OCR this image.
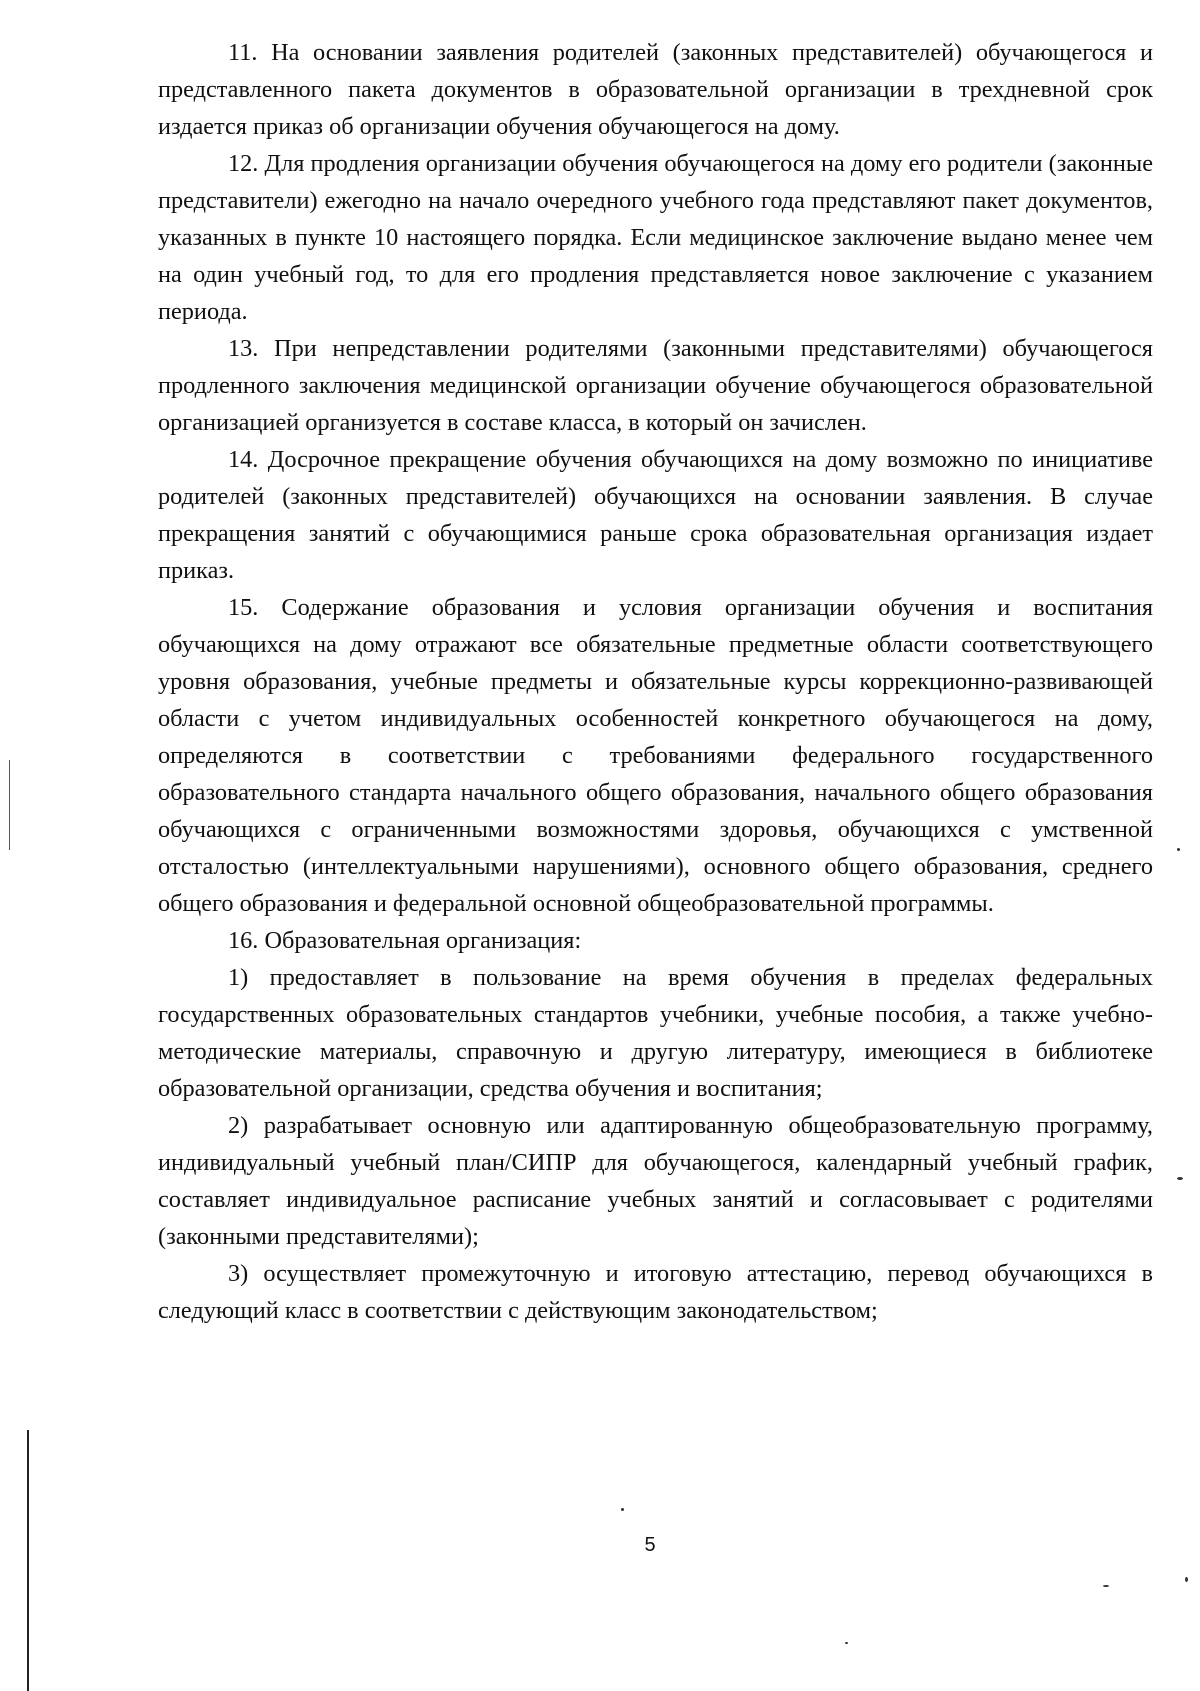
11. На основании заявления родителей (законных представителей) обучающегося и представленного пакета документов в образовательной организации в трехдневной срок издается приказ об организации обучения обучающегося на дому.

12. Для продления организации обучения обучающегося на дому его родители (законные представители) ежегодно на начало очередного учебного года представляют пакет документов, указанных в пункте 10 настоящего порядка. Если медицинское заключение выдано менее чем на один учебный год, то для его продления представляется новое заключение с указанием периода.

13. При непредставлении родителями (законными представителями) обучающегося продленного заключения медицинской организации обучение обучающегося образовательной организацией организуется в составе класса, в который он зачислен.

14. Досрочное прекращение обучения обучающихся на дому возможно по инициативе родителей (законных представителей) обучающихся на основании заявления. В случае прекращения занятий с обучающимися раньше срока образовательная организация издает приказ.

15. Содержание образования и условия организации обучения и воспитания обучающихся на дому отражают все обязательные предметные области соответствующего уровня образования, учебные предметы и обязательные курсы коррекционно-развивающей области с учетом индивидуальных особенностей конкретного обучающегося на дому, определяются в соответствии с требованиями федерального государственного образовательного стандарта начального общего образования, начального общего образования обучающихся с ограниченными возможностями здоровья, обучающихся с умственной отсталостью (интеллектуальными нарушениями), основного общего образования, среднего общего образования и федеральной основной общеобразовательной программы.

16. Образовательная организация:

1) предоставляет в пользование на время обучения в пределах федеральных государственных образовательных стандартов учебники, учебные пособия, а также учебно-методические материалы, справочную и другую литературу, имеющиеся в библиотеке образовательной организации, средства обучения и воспитания;

2) разрабатывает основную или адаптированную общеобразовательную программу, индивидуальный учебный план/СИПР для обучающегося, календарный учебный график, составляет индивидуальное расписание учебных занятий и согласовывает с родителями (законными представителями);

3) осуществляет промежуточную и итоговую аттестацию, перевод обучающихся в следующий класс в соответствии с действующим законодательством;

5
